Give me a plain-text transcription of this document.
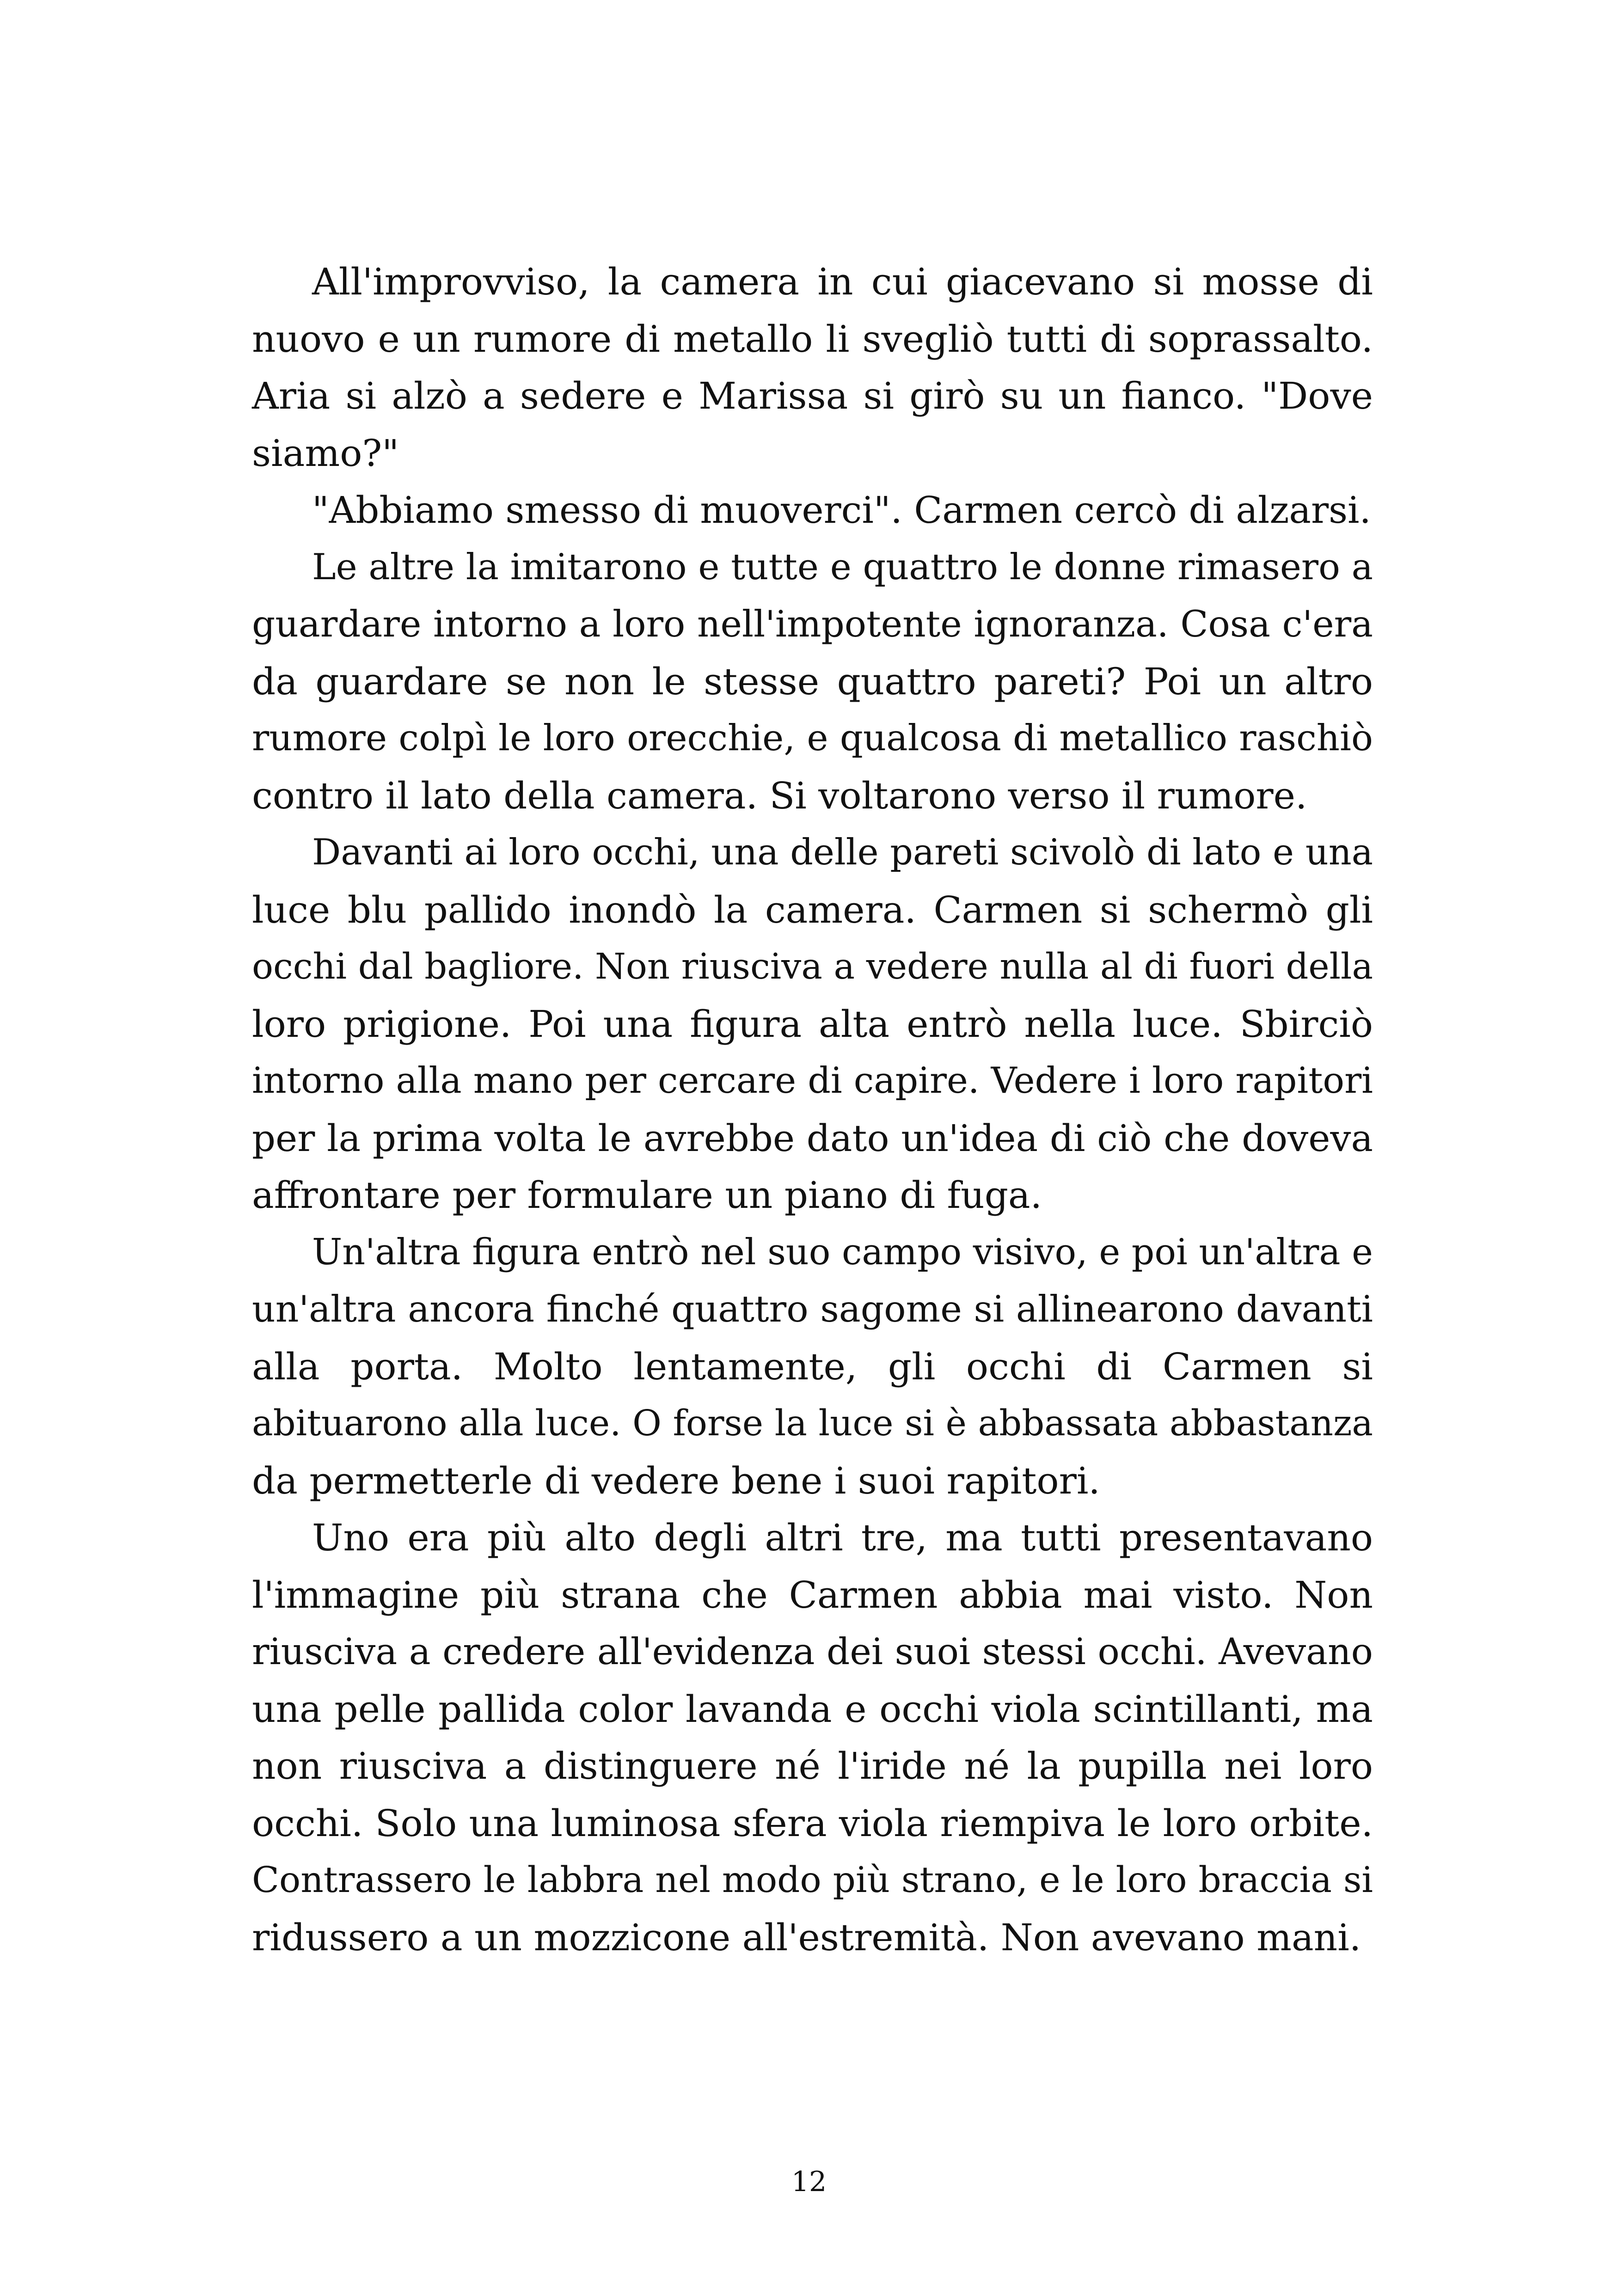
All'improvviso, la camera in cui giacevano si mosse di
nuovo e un rumore di metallo li svegliò tutti di soprassalto.
Aria si alzò a sedere e Marissa si girò su un fianco. "Dove
siamo?"
"Abbiamo smesso di muoverci". Carmen cercò di alzarsi.
Le altre la imitarono e tutte e quattro le donne rimasero a
guardare intorno a loro nell'impotente ignoranza. Cosa c'era
da guardare se non le stesse quattro pareti? Poi un altro
rumore colpì le loro orecchie, e qualcosa di metallico raschiò
contro il lato della camera. Si voltarono verso il rumore.
Davanti ai loro occhi, una delle pareti scivolò di lato e una
luce blu pallido inondò la camera. Carmen si schermò gli
occhi dal bagliore. Non riusciva a vedere nulla al di fuori della
loro prigione. Poi una figura alta entrò nella luce. Sbirciò
intorno alla mano per cercare di capire. Vedere i loro rapitori
per la prima volta le avrebbe dato un'idea di ciò che doveva
affrontare per formulare un piano di fuga.
Un'altra figura entrò nel suo campo visivo, e poi un'altra e
un'altra ancora finché quattro sagome si allinearono davanti
alla porta. Molto lentamente, gli occhi di Carmen si
abituarono alla luce. O forse la luce si è abbassata abbastanza
da permetterle di vedere bene i suoi rapitori.
Uno era più alto degli altri tre, ma tutti presentavano
l'immagine più strana che Carmen abbia mai visto. Non
riusciva a credere all'evidenza dei suoi stessi occhi. Avevano
una pelle pallida color lavanda e occhi viola scintillanti, ma
non riusciva a distinguere né l'iride né la pupilla nei loro
occhi. Solo una luminosa sfera viola riempiva le loro orbite.
Contrassero le labbra nel modo più strano, e le loro braccia si
ridussero a un mozzicone all'estremità. Non avevano mani.
12
